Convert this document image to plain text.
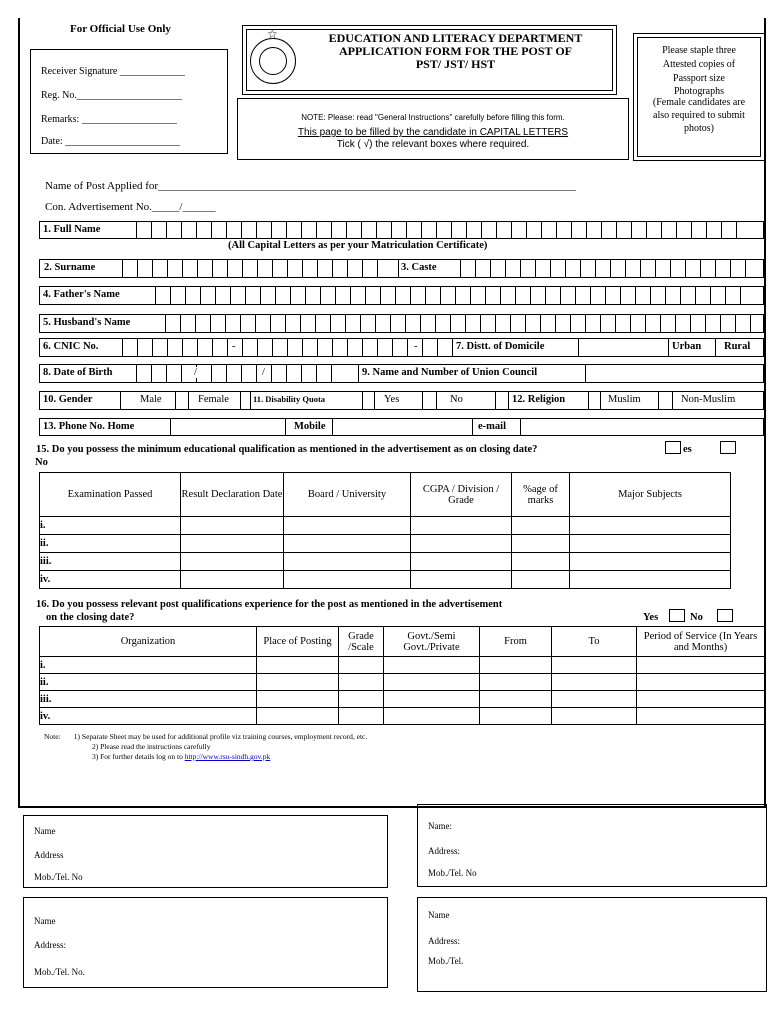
For Official Use Only
Receiver Signature _____________
Reg. No._____________________
Remarks: ___________________
Date: _______________________
☆	EDUCATION AND LITERACY DEPARTMENT
APPLICATION FORM FOR THE POST OF
PST/ JST/ HST
NOTE: Please: read "General Instructions" carefully before filling this form.
This page to be filled by the candidate in CAPITAL LETTERS
Tick ( √) the relevant boxes where required.
Please staple three
Attested copies of
Passport size
Photographs
(Female candidates are
also required to submit
photos)
Name of Post Applied for____________________________________________________________________________
Con. Advertisement No._____/______
1. Full Name
(All Capital Letters as per your Matriculation Certificate)
2. Surname	3. Caste
4. Father's Name
5. Husband's Name
6. CNIC No.	-	-	7. Distt. of Domicile	Urban Rural
8. Date of Birth	/	/	9. Name and Number of Union Council
10. Gender	Male	Female	11. Disability Quota	Yes	No	12. Religion	Muslim	Non-Muslim
13. Phone No. Home	Mobile	e-mail
15. Do you possess the minimum educational qualification as mentioned in the advertisement as on closing date?	es
No
Examination Passed	Result Declaration Date	Board / University	CGPA / Division / Grade	%age of marks	Major Subjects
i.					
ii.					
iii.					
iv.					
16. Do you possess relevant post qualifications experience for the post as mentioned in the advertisement
on the closing date?	Yes	No
Organization	Place of Posting	Grade /Scale	Govt./Semi Govt./Private	From	To	Period of Service (In Years and Months)
i.						
ii.						
iii.						
iv.						
Note: 1) Separate Sheet may be used for additional profile viz training courses, employment record, etc.
2) Please read the instructions carefully
3) For further details log on to http://www.rsu-sindh.gov.pk
Name
Address
Mob./Tel. No
Name:
Address:
Mob./Tel. No
Name
Address:
Mob./Tel. No.
Name
Address:
Mob./Tel.
